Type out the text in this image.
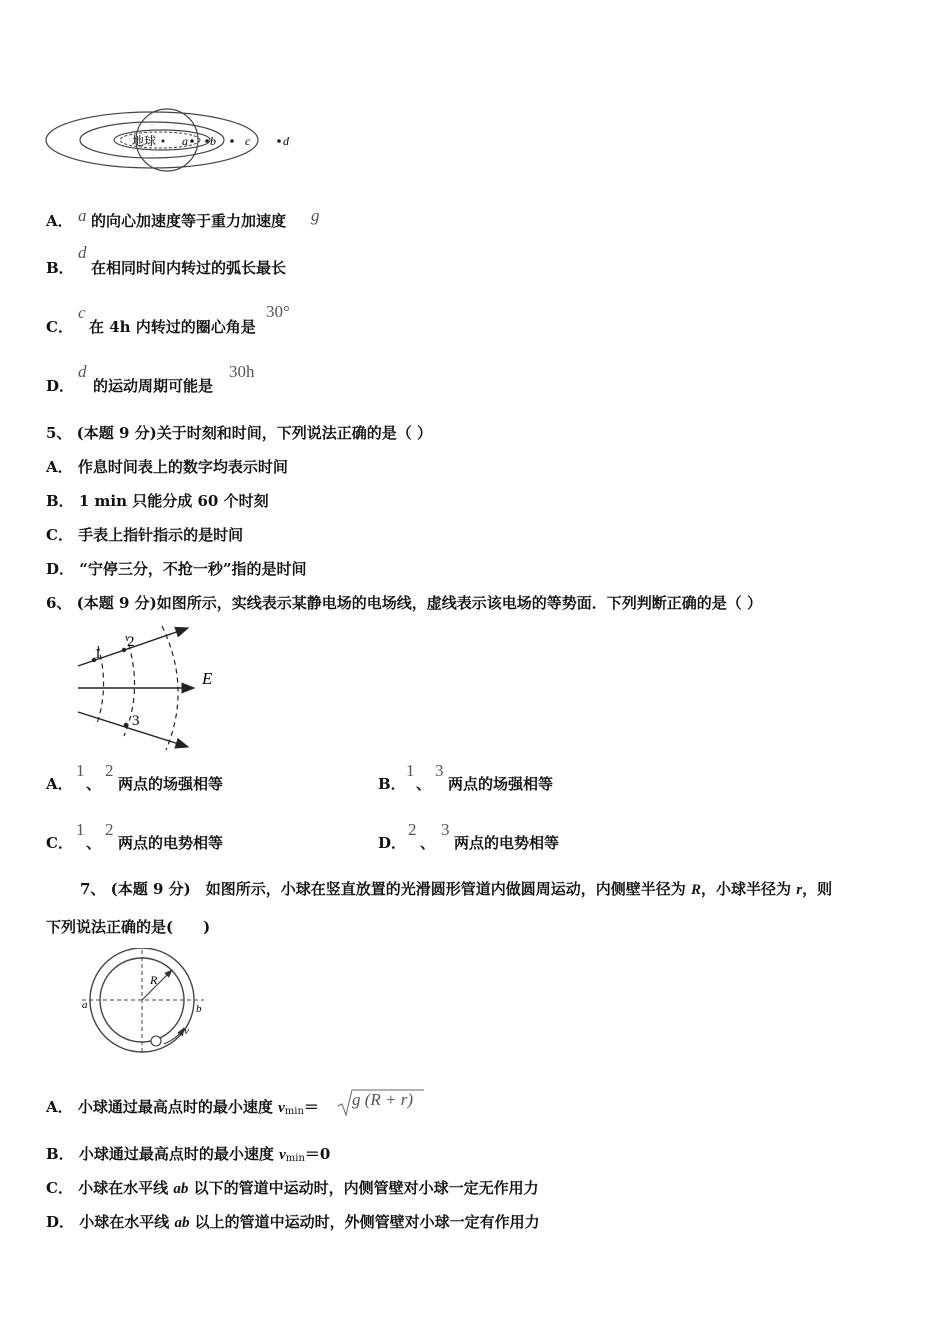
地球 a b c	d
A． a 的向心加速度等于重力加速度 g
B．
d
在相同时间内转过的弧长最长
C．
c
在 4h 内转过的圈心角是
30°
D．
d
的运动周期可能是
30h
5、 (本题 9 分)关于时刻和时间，下列说法正确的是（ ）
A． 作息时间表上的数字均表示时间
B． 1 min 只能分成 60 个时刻
C． 手表上指针指示的是时间
D． “宁停三分，不抢一秒”指的是时间
6、 (本题 9 分)如图所示，实线表示某静电场的电场线，虚线表示该电场的等势面．下列判断正确的是（ ）
1
2
3
E
A．
1
、
2
两点的场强相等	B．
1
、
3
两点的场强相等
C．
1
、
2
两点的电势相等	D．
2
、
3
两点的电势相等
7、 (本题 9 分)　如图所示，小球在竖直放置的光滑圆形管道内做圆周运动，内侧壁半径为 R，小球半径为 r，则
下列说法正确的是(　　)
R
a	b
v
A． 小球通过最高点时的最小速度 $v_{min}= g$ (R + r)
B． 小球通过最高点时的最小速度 $v_{min}=0$
C． 小球在水平线 ab 以下的管道中运动时，内侧管壁对小球一定无作用力
D． 小球在水平线 ab 以上的管道中运动时，外侧管壁对小球一定有作用力
